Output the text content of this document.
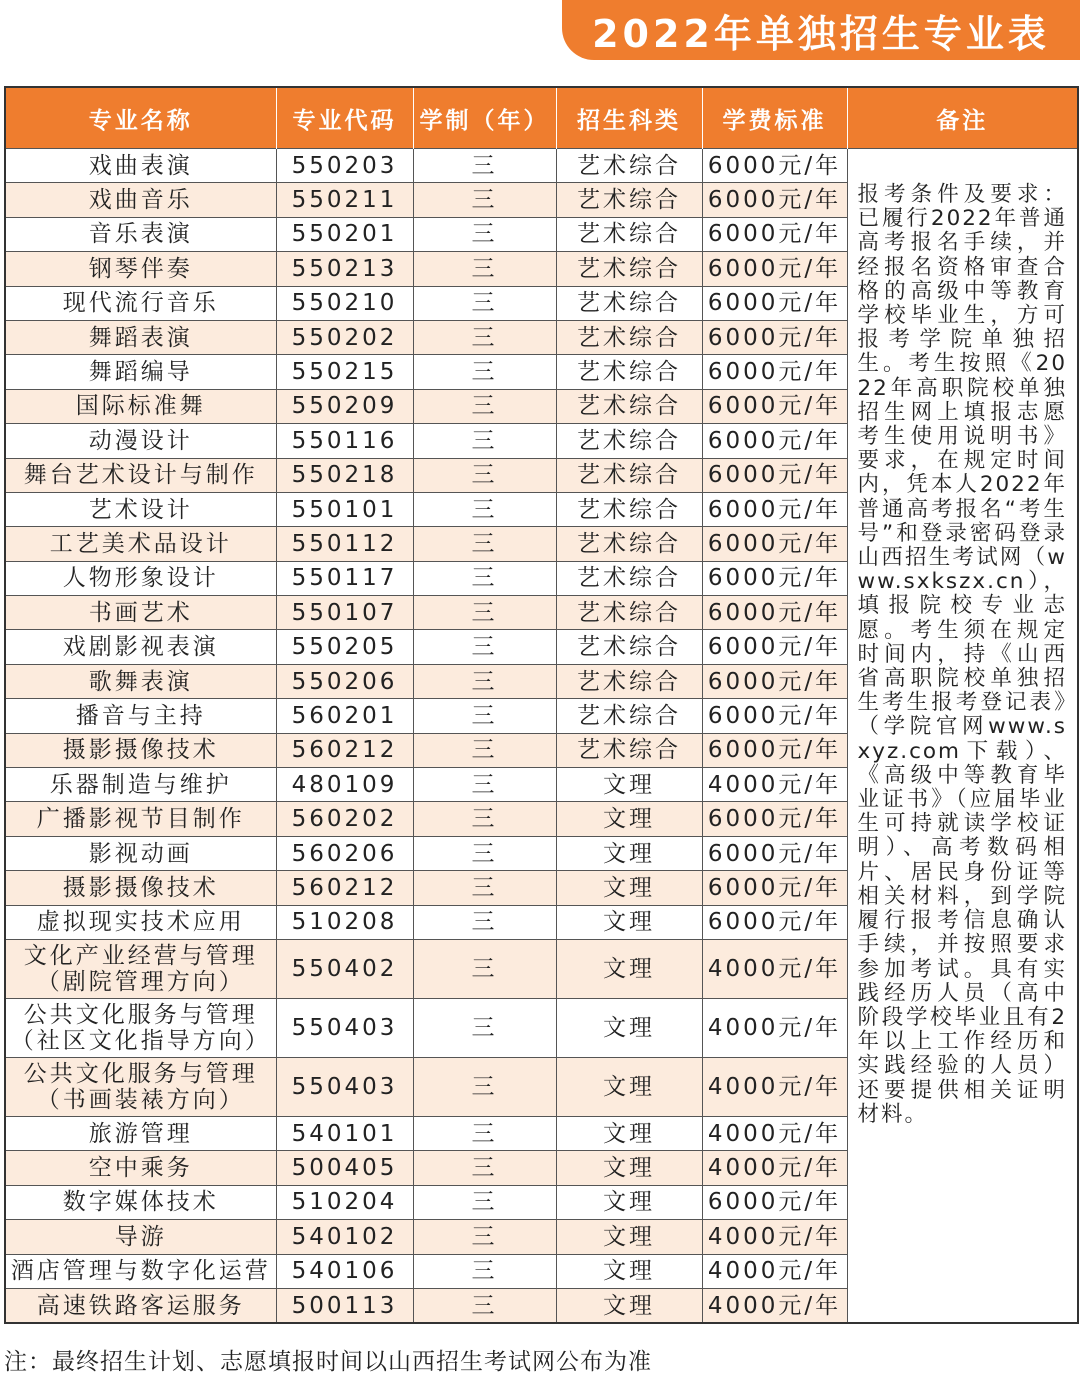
2022年单独招生专业表
专业名称	专业代码	学制（年）	招生科类	学费标准	备注
戏曲表演	550203	三	艺术综合	6000元/年	报考条件及要求：已履行2022年普通高考报名手续，并经报名资格审查合格的高级中等教育学校毕业生，方可报考学院单独招生。考生按照《2022年高职院校单独招生网上填报志愿考生使用说明书》要求，在规定时间内，凭本人2022年普通高考报名“考生号”和登录密码登录山西招生考试网（www.sxkszx.cn），填报院校专业志愿。考生须在规定时间内，持《山西省高职院校单独招生考生报考登记表》（学院官网www.sxyz.com下载）、《高级中等教育毕业证书》（应届毕业生可持就读学校证明）、高考数码相片、居民身份证等相关材料，到学院履行报考信息确认手续，并按照要求参加考试。具有实践经历人员（高中阶段学校毕业且有2年以上工作经历和实践经验的人员）还要提供相关证明材料。
戏曲音乐	550211	三	艺术综合	6000元/年	
音乐表演	550201	三	艺术综合	6000元/年	
钢琴伴奏	550213	三	艺术综合	6000元/年	
现代流行音乐	550210	三	艺术综合	6000元/年	
舞蹈表演	550202	三	艺术综合	6000元/年	
舞蹈编导	550215	三	艺术综合	6000元/年	
国际标准舞	550209	三	艺术综合	6000元/年	
动漫设计	550116	三	艺术综合	6000元/年	
舞台艺术设计与制作	550218	三	艺术综合	6000元/年	
艺术设计	550101	三	艺术综合	6000元/年	
工艺美术品设计	550112	三	艺术综合	6000元/年	
人物形象设计	550117	三	艺术综合	6000元/年	
书画艺术	550107	三	艺术综合	6000元/年	
戏剧影视表演	550205	三	艺术综合	6000元/年	
歌舞表演	550206	三	艺术综合	6000元/年	
播音与主持	560201	三	艺术综合	6000元/年	
摄影摄像技术	560212	三	艺术综合	6000元/年	
乐器制造与维护	480109	三	文理	4000元/年	
广播影视节目制作	560202	三	文理	6000元/年	
影视动画	560206	三	文理	6000元/年	
摄影摄像技术	560212	三	文理	6000元/年	
虚拟现实技术应用	510208	三	文理	6000元/年	
文化产业经营与管理（剧院管理方向）	550402	三	文理	4000元/年	
公共文化服务与管理（社区文化指导方向）	550403	三	文理	4000元/年	
公共文化服务与管理（书画装裱方向）	550403	三	文理	4000元/年	
旅游管理	540101	三	文理	4000元/年	
空中乘务	500405	三	文理	4000元/年	
数字媒体技术	510204	三	文理	6000元/年	
导游	540102	三	文理	4000元/年	
酒店管理与数字化运营	540106	三	文理	4000元/年	
高速铁路客运服务	500113	三	文理	4000元/年	
注：最终招生计划、志愿填报时间以山西招生考试网公布为准
